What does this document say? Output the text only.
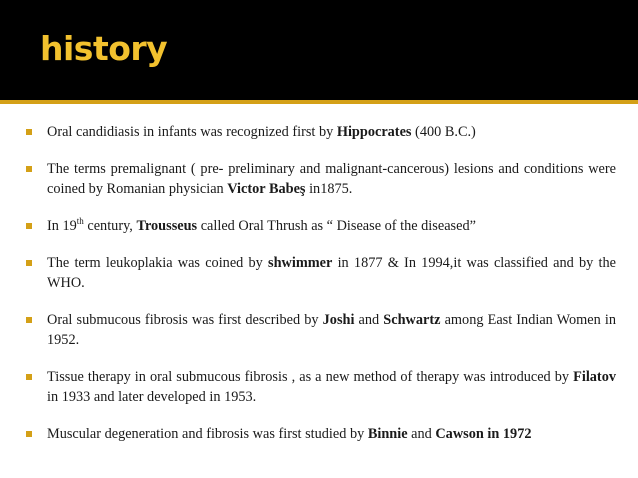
history
Oral candidiasis in infants was recognized first by Hippocrates (400 B.C.)
The terms premalignant ( pre- preliminary and malignant-cancerous) lesions and conditions were coined by Romanian physician Victor Babeş in1875.
In 19th century, Trousseus called Oral Thrush as “ Disease of the diseased”
The term leukoplakia was coined by shwimmer in 1877 & In 1994,it was classified and by the WHO.
Oral submucous fibrosis was first described by Joshi and Schwartz among East Indian Women in 1952.
Tissue therapy in oral submucous fibrosis , as a new method of therapy was introduced by Filatov in 1933 and later developed in 1953.
Muscular degeneration and fibrosis was first studied by Binnie and Cawson in 1972
